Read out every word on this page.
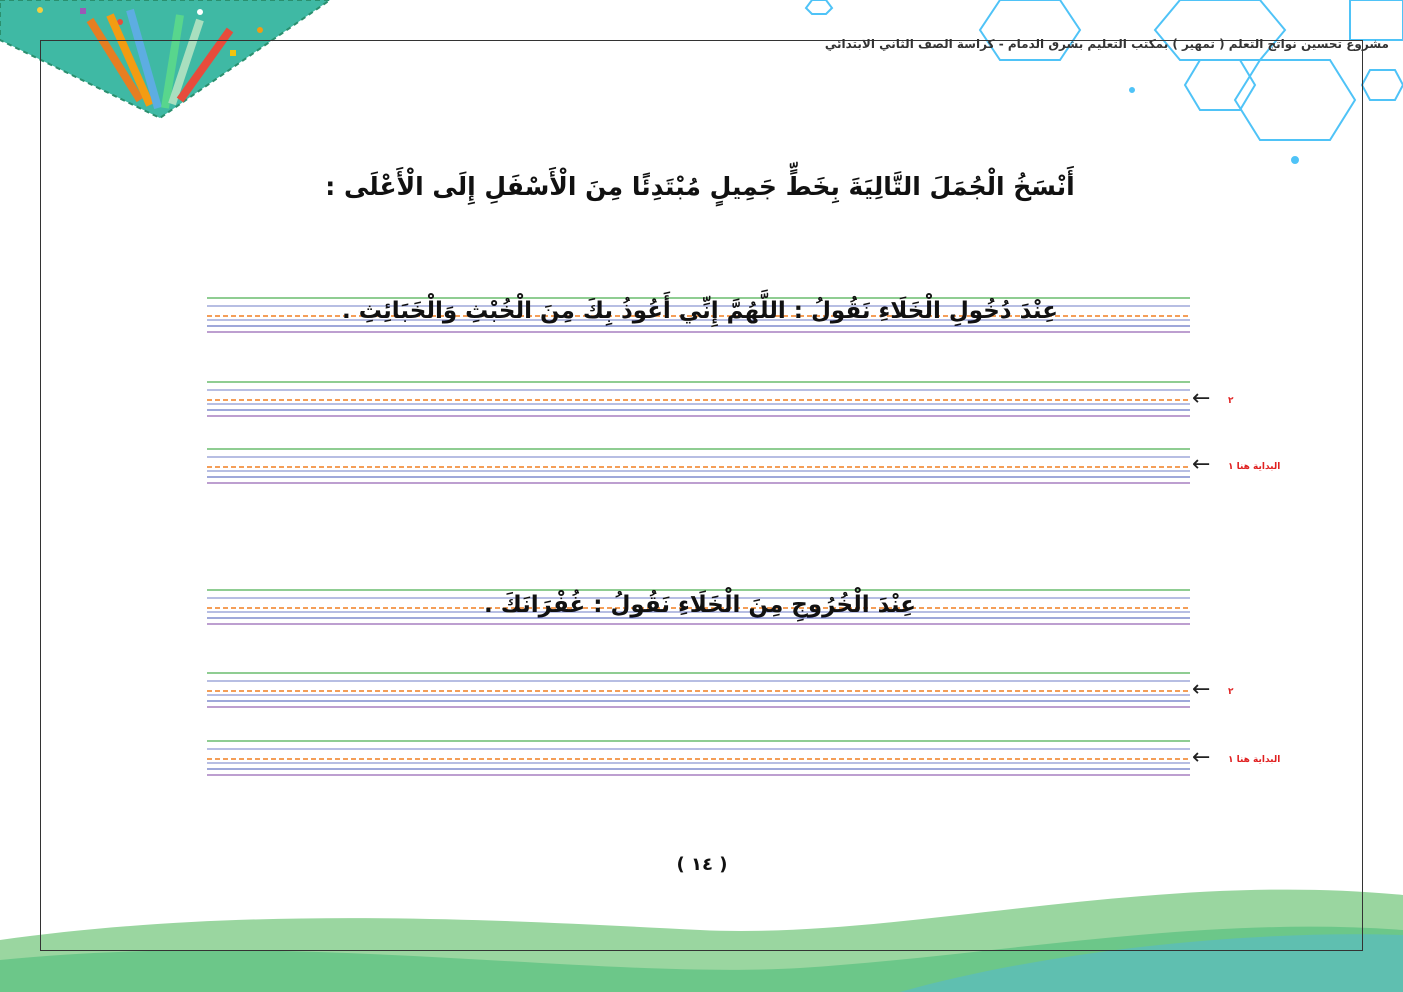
مشروع تحسين نواتج التعلم ( تمهير ) بمكتب التعليم بشرق الدمام - كراسة الصف الثاني الابتدائي
أَنْسَخُ الْجُمَلَ التَّالِيَةَ بِخَطٍّ جَمِيلٍ مُبْتَدِئًا مِنَ الْأَسْفَلِ إِلَى الْأَعْلَى :
عِنْدَ دُخُولِ الْخَلَاءِ نَقُولُ : اللَّهُمَّ إِنِّي أَعُوذُ بِكَ مِنَ الْخُبْثِ وَالْخَبَائِثِ .
← ٢
← البداية هنا ١
عِنْدَ الْخُرُوجِ مِنَ الْخَلَاءِ نَقُولُ : غُفْرَانَكَ .
← ٢
← البداية هنا ١
( ١٤ )
